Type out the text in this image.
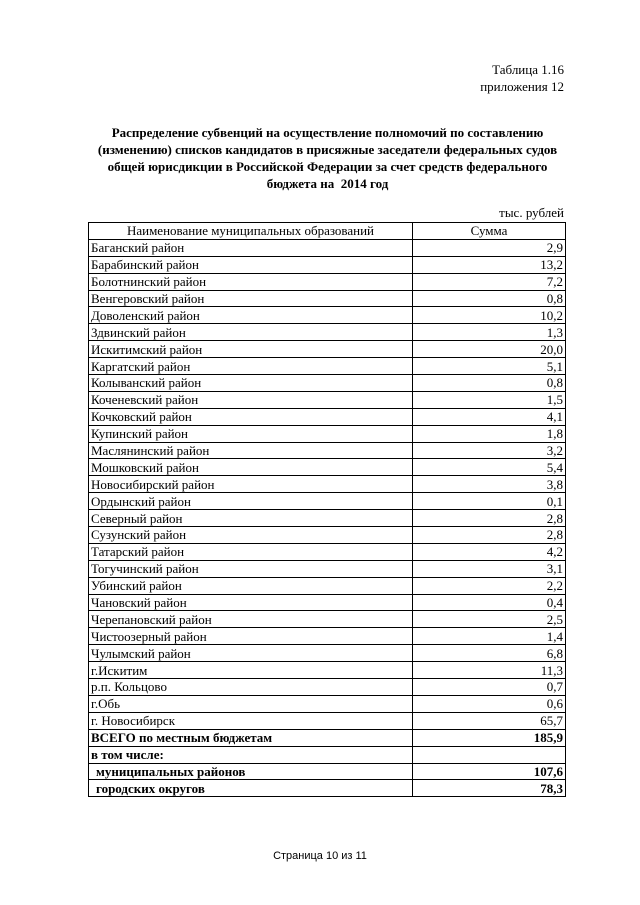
Таблица 1.16
приложения 12
Распределение субвенций на осуществление полномочий по составлению
(изменению) списков кандидатов в присяжные заседатели федеральных судов
общей юрисдикции в Российской Федерации за счет средств федерального
бюджета на  2014 год
тыс. рублей
Наименование муниципальных образований	Сумма
Баганский район	2,9
Барабинский район	13,2
Болотнинский район	7,2
Венгеровский район	0,8
Доволенский район	10,2
Здвинский район	1,3
Искитимский район	20,0
Каргатский район	5,1
Колыванский район	0,8
Коченевский район	1,5
Кочковский район	4,1
Купинский район	1,8
Маслянинский район	3,2
Мошковский район	5,4
Новосибирский район	3,8
Ордынский район	0,1
Северный район	2,8
Сузунский район	2,8
Татарский район	4,2
Тогучинский район	3,1
Убинский район	2,2
Чановский район	0,4
Черепановский район	2,5
Чистоозерный район	1,4
Чулымский район	6,8
г.Искитим	11,3
р.п. Кольцово	0,7
г.Обь	0,6
г. Новосибирск	65,7
ВСЕГО по местным бюджетам	185,9
в том числе:	
муниципальных районов	107,6
городских округов	78,3
Страница 10 из 11
